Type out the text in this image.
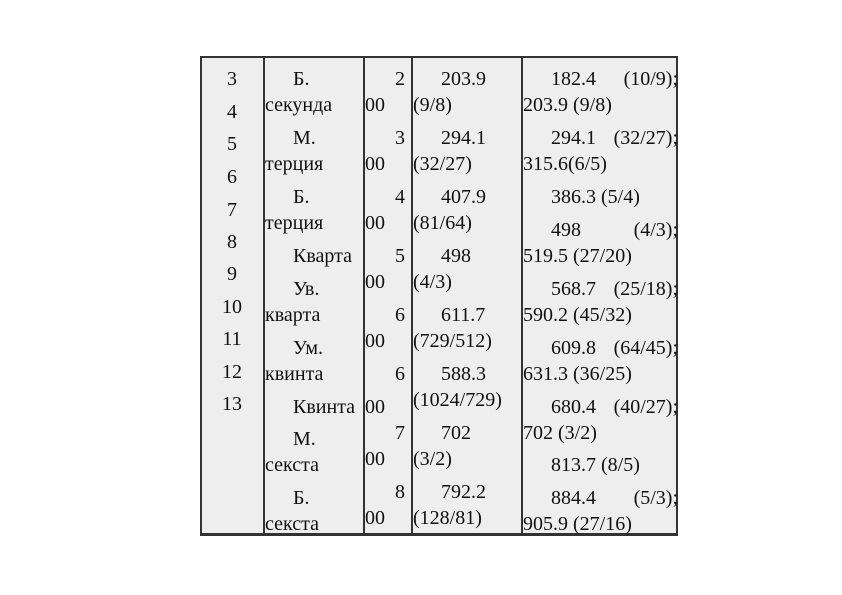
3
4
5
6
7
8
9
10
11
12
13
Б.
секунда
М.
терция
Б.
терция
Кварта
Ув.
кварта
Ум.
квинта
Квинта
М.
секста
Б.
секста
2
00
3
00
4
00
5
00
6
00
6
00
7
00
8
00
203.9
(9/8)
294.1
(32/27)
407.9
(81/64)
498
(4/3)
611.7
(729/512)
588.3
(1024/729)
702
(3/2)
792.2
(128/81)
182.4 (10/9);
203.9 (9/8)
294.1 (32/27);
315.6(6/5)
386.3 (5/4)
498	(4/3);
519.5 (27/20)
568.7 (25/18);
590.2 (45/32)
609.8 (64/45);
631.3 (36/25)
680.4 (40/27);
702 (3/2)
813.7 (8/5)
884.4 (5/3);
905.9 (27/16)
